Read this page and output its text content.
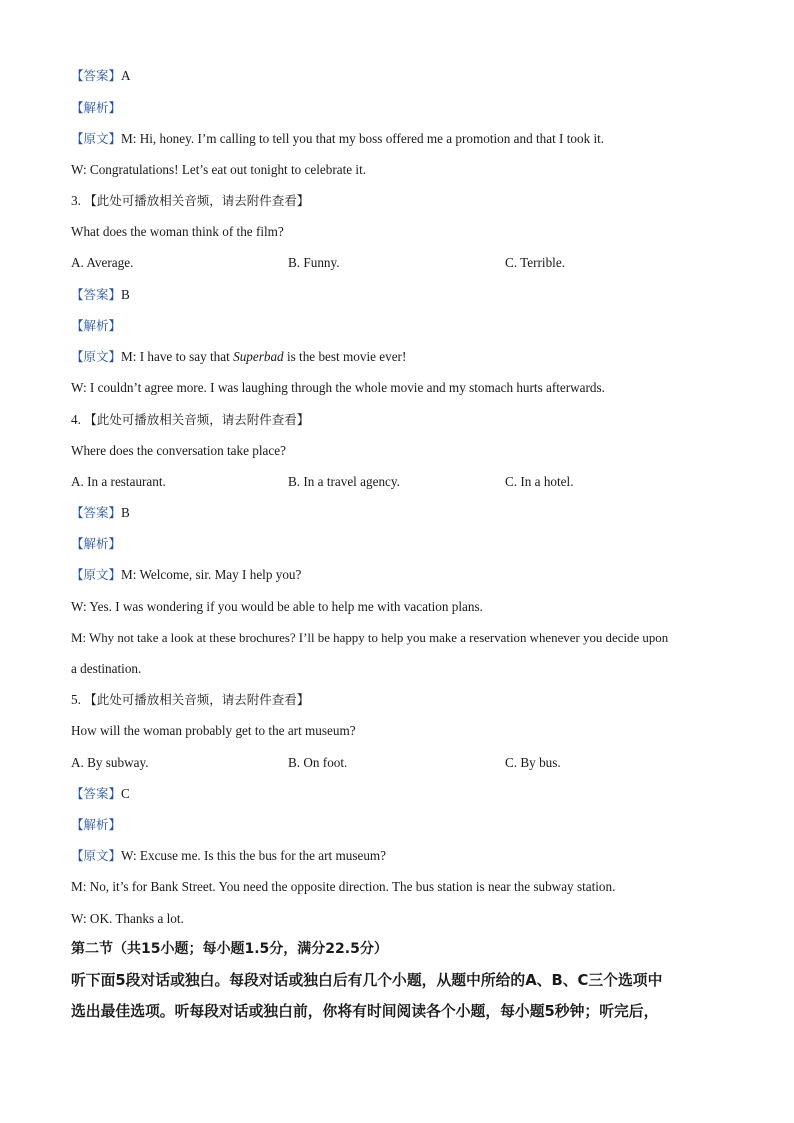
【答案】A
【解析】
【原文】M: Hi, honey. I’m calling to tell you that my boss offered me a promotion and that I took it.
W: Congratulations! Let’s eat out tonight to celebrate it.
3. 【此处可播放相关音频，请去附件查看】
What does the woman think of the film?
A. Average.	B. Funny.	C. Terrible.
【答案】B
【解析】
【原文】M: I have to say that Superbad is the best movie ever!
W: I couldn’t agree more. I was laughing through the whole movie and my stomach hurts afterwards.
4. 【此处可播放相关音频，请去附件查看】
Where does the conversation take place?
A. In a restaurant.	B. In a travel agency.	C. In a hotel.
【答案】B
【解析】
【原文】M: Welcome, sir. May I help you?
W: Yes. I was wondering if you would be able to help me with vacation plans.
M: Why not take a look at these brochures? I’ll be happy to help you make a reservation whenever you decide upon
a destination.
5. 【此处可播放相关音频，请去附件查看】
How will the woman probably get to the art museum?
A. By subway.	B. On foot.	C. By bus.
【答案】C
【解析】
【原文】W: Excuse me. Is this the bus for the art museum?
M: No, it’s for Bank Street. You need the opposite direction. The bus station is near the subway station.
W: OK. Thanks a lot.
第二节（共15小题；每小题1.5分，满分22.5分）
听下面5段对话或独白。每段对话或独白后有几个小题，从题中所给的A、B、C三个选项中
选出最佳选项。听每段对话或独白前，你将有时间阅读各个小题，每小题5秒钟；听完后，
